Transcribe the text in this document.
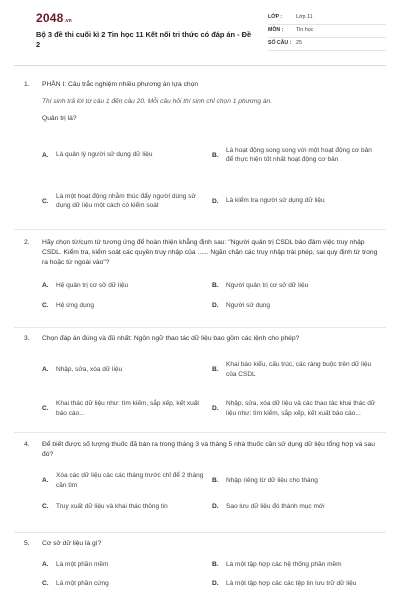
2048.vn
Bộ 3 đề thi cuối kì 2 Tin học 11 Kết nối tri thức có đáp án - Đề 2
LỚP :	Lớp 11
MÔN :	Tin học
SỐ CÂU : 25
1. PHẦN I: Câu trắc nghiệm nhiều phương án lựa chọn
Thí sinh trả lời từ câu 1 đến câu 20. Mỗi câu hỏi thí sinh chỉ chọn 1 phương án.
Quản trị là?
A.	Là quản lý người sử dụng dữ liệu	B.
Là hoạt động song song với một hoạt động cơ bản để thực hiện tốt nhất hoạt động cơ bản
C.
Là một hoạt động nhằm thúc đẩy người dùng sử dụng dữ liệu một cách có kiểm soát
D.	Là kiểm tra người sử dụng dữ liệu
2. Hãy chọn từ/cụm từ tương ứng để hoàn thiện khẳng định sau: "Người quản trị CSDL bảo đảm việc truy nhập CSDL. Kiểm tra, kiểm soát các quyền truy nhập của ...... Ngăn chặn các truy nhập trái phép, sai quy định từ trong ra hoặc từ ngoài vào"?
A.	Hệ quản trị cơ sở dữ liệu	B.	Người quản trị cơ sở dữ liệu
C.	Hệ ứng dụng	D.	Người sử dụng
3. Chọn đáp án đúng và đủ nhất: Ngôn ngữ thao tác dữ liệu bao gồm các lệnh cho phép?
A.	Nhập, sửa, xóa dữ liệu	B.
Khai báo kiểu, cấu trúc, các ràng buộc trên dữ liệu của CSDL
C.
Khai thác dữ liệu như: tìm kiếm, sắp xếp, kết xuất báo cáo...
D.
Nhập, sửa, xóa dữ liệu và các thao tác khai thác dữ liệu như: tìm kiếm, sắp xếp, kết xuất báo cáo...
4. Để biết được số lượng thuốc đã bán ra trong tháng 3 và tháng 5 nhà thuốc cần sử dụng dữ liệu tổng hợp và sau đó?
A.
Xóa các dữ liệu các các tháng trước chỉ để 2 tháng cần tìm
B.	Nhập riêng từ dữ liệu cho tháng
C.	Truy xuất dữ liệu và khai thác thông tin	D.	Sao lưu dữ liệu đó thành mục mới
5. Cơ sở dữ liệu là gì?
A.	Là một phần mềm	B.	Là một tập hợp các hệ thống phần mềm
C.	Là một phần cứng	D.	Là một tập hợp các các tệp tin lưu trữ dữ liệu
